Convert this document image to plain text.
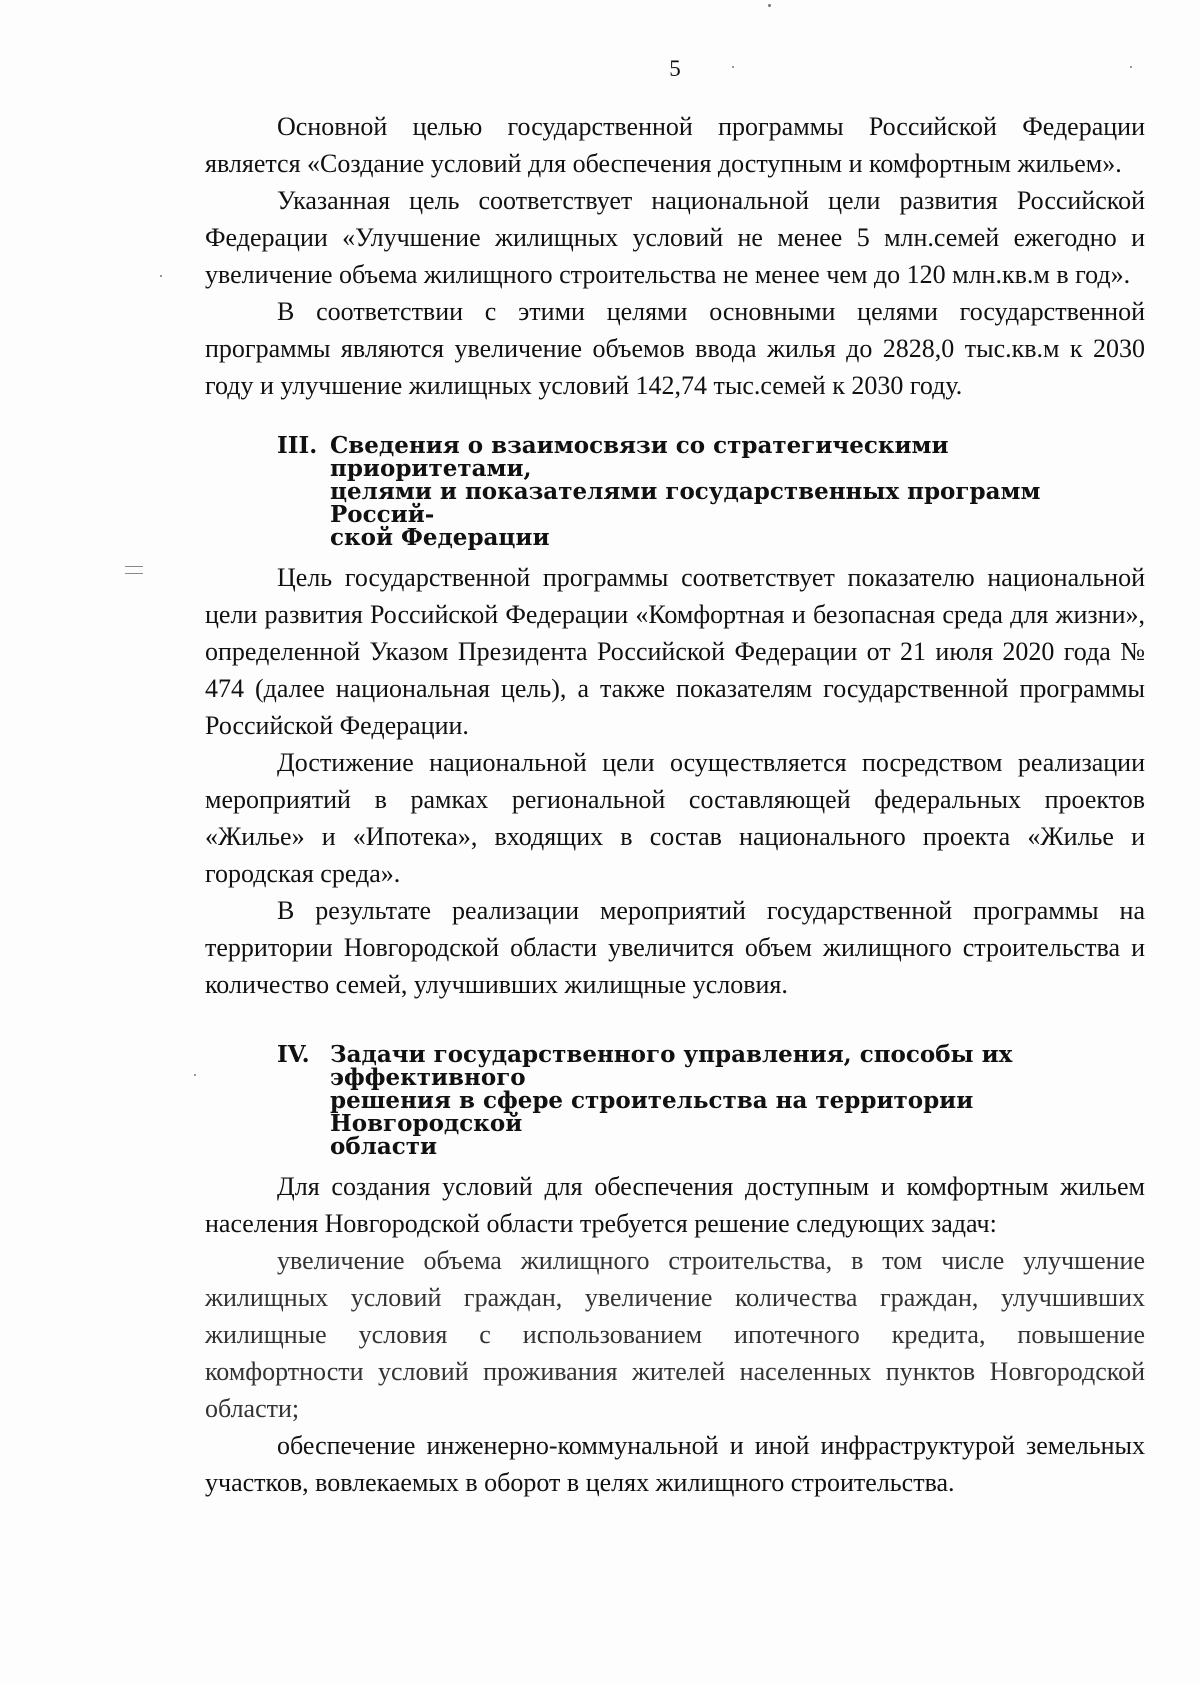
5

Основной целью государственной программы Российской Федерации является «Создание условий для обеспечения доступным и комфортным жильем».

Указанная цель соответствует национальной цели развития Российской Федерации «Улучшение жилищных условий не менее 5 млн.семей ежегодно и увеличение объема жилищного строительства не менее чем до 120 млн.кв.м в год».

В соответствии с этими целями основными целями государственной программы являются увеличение объемов ввода жилья до 2828,0 тыс.кв.м к 2030 году и улучшение жилищных условий 142,74 тыс.семей к 2030 году.

III. Сведения о взаимосвязи со стратегическими приоритетами,
целями и показателями государственных программ Россий-
ской Федерации

Цель государственной программы соответствует показателю национальной цели развития Российской Федерации «Комфортная и безопасная среда для жизни», определенной Указом Президента Российской Федерации от 21 июля 2020 года № 474 (далее национальная цель), а также показателям государственной программы Российской Федерации.

Достижение национальной цели осуществляется посредством реализации мероприятий в рамках региональной составляющей федеральных проектов «Жилье» и «Ипотека», входящих в состав национального проекта «Жилье и городская среда».

В результате реализации мероприятий государственной программы на территории Новгородской области увеличится объем жилищного строительства и количество семей, улучшивших жилищные условия.

IV. Задачи государственного управления, способы их эффективного
решения в сфере строительства на территории Новгородской
области

Для создания условий для обеспечения доступным и комфортным жильем населения Новгородской области требуется решение следующих задач:

увеличение объема жилищного строительства, в том числе улучшение жилищных условий граждан, увеличение количества граждан, улучшивших жилищные условия с использованием ипотечного кредита, повышение комфортности условий проживания жителей населенных пунктов Новгородской области;

обеспечение инженерно-коммунальной и иной инфраструктурой земельных участков, вовлекаемых в оборот в целях жилищного строительства.
